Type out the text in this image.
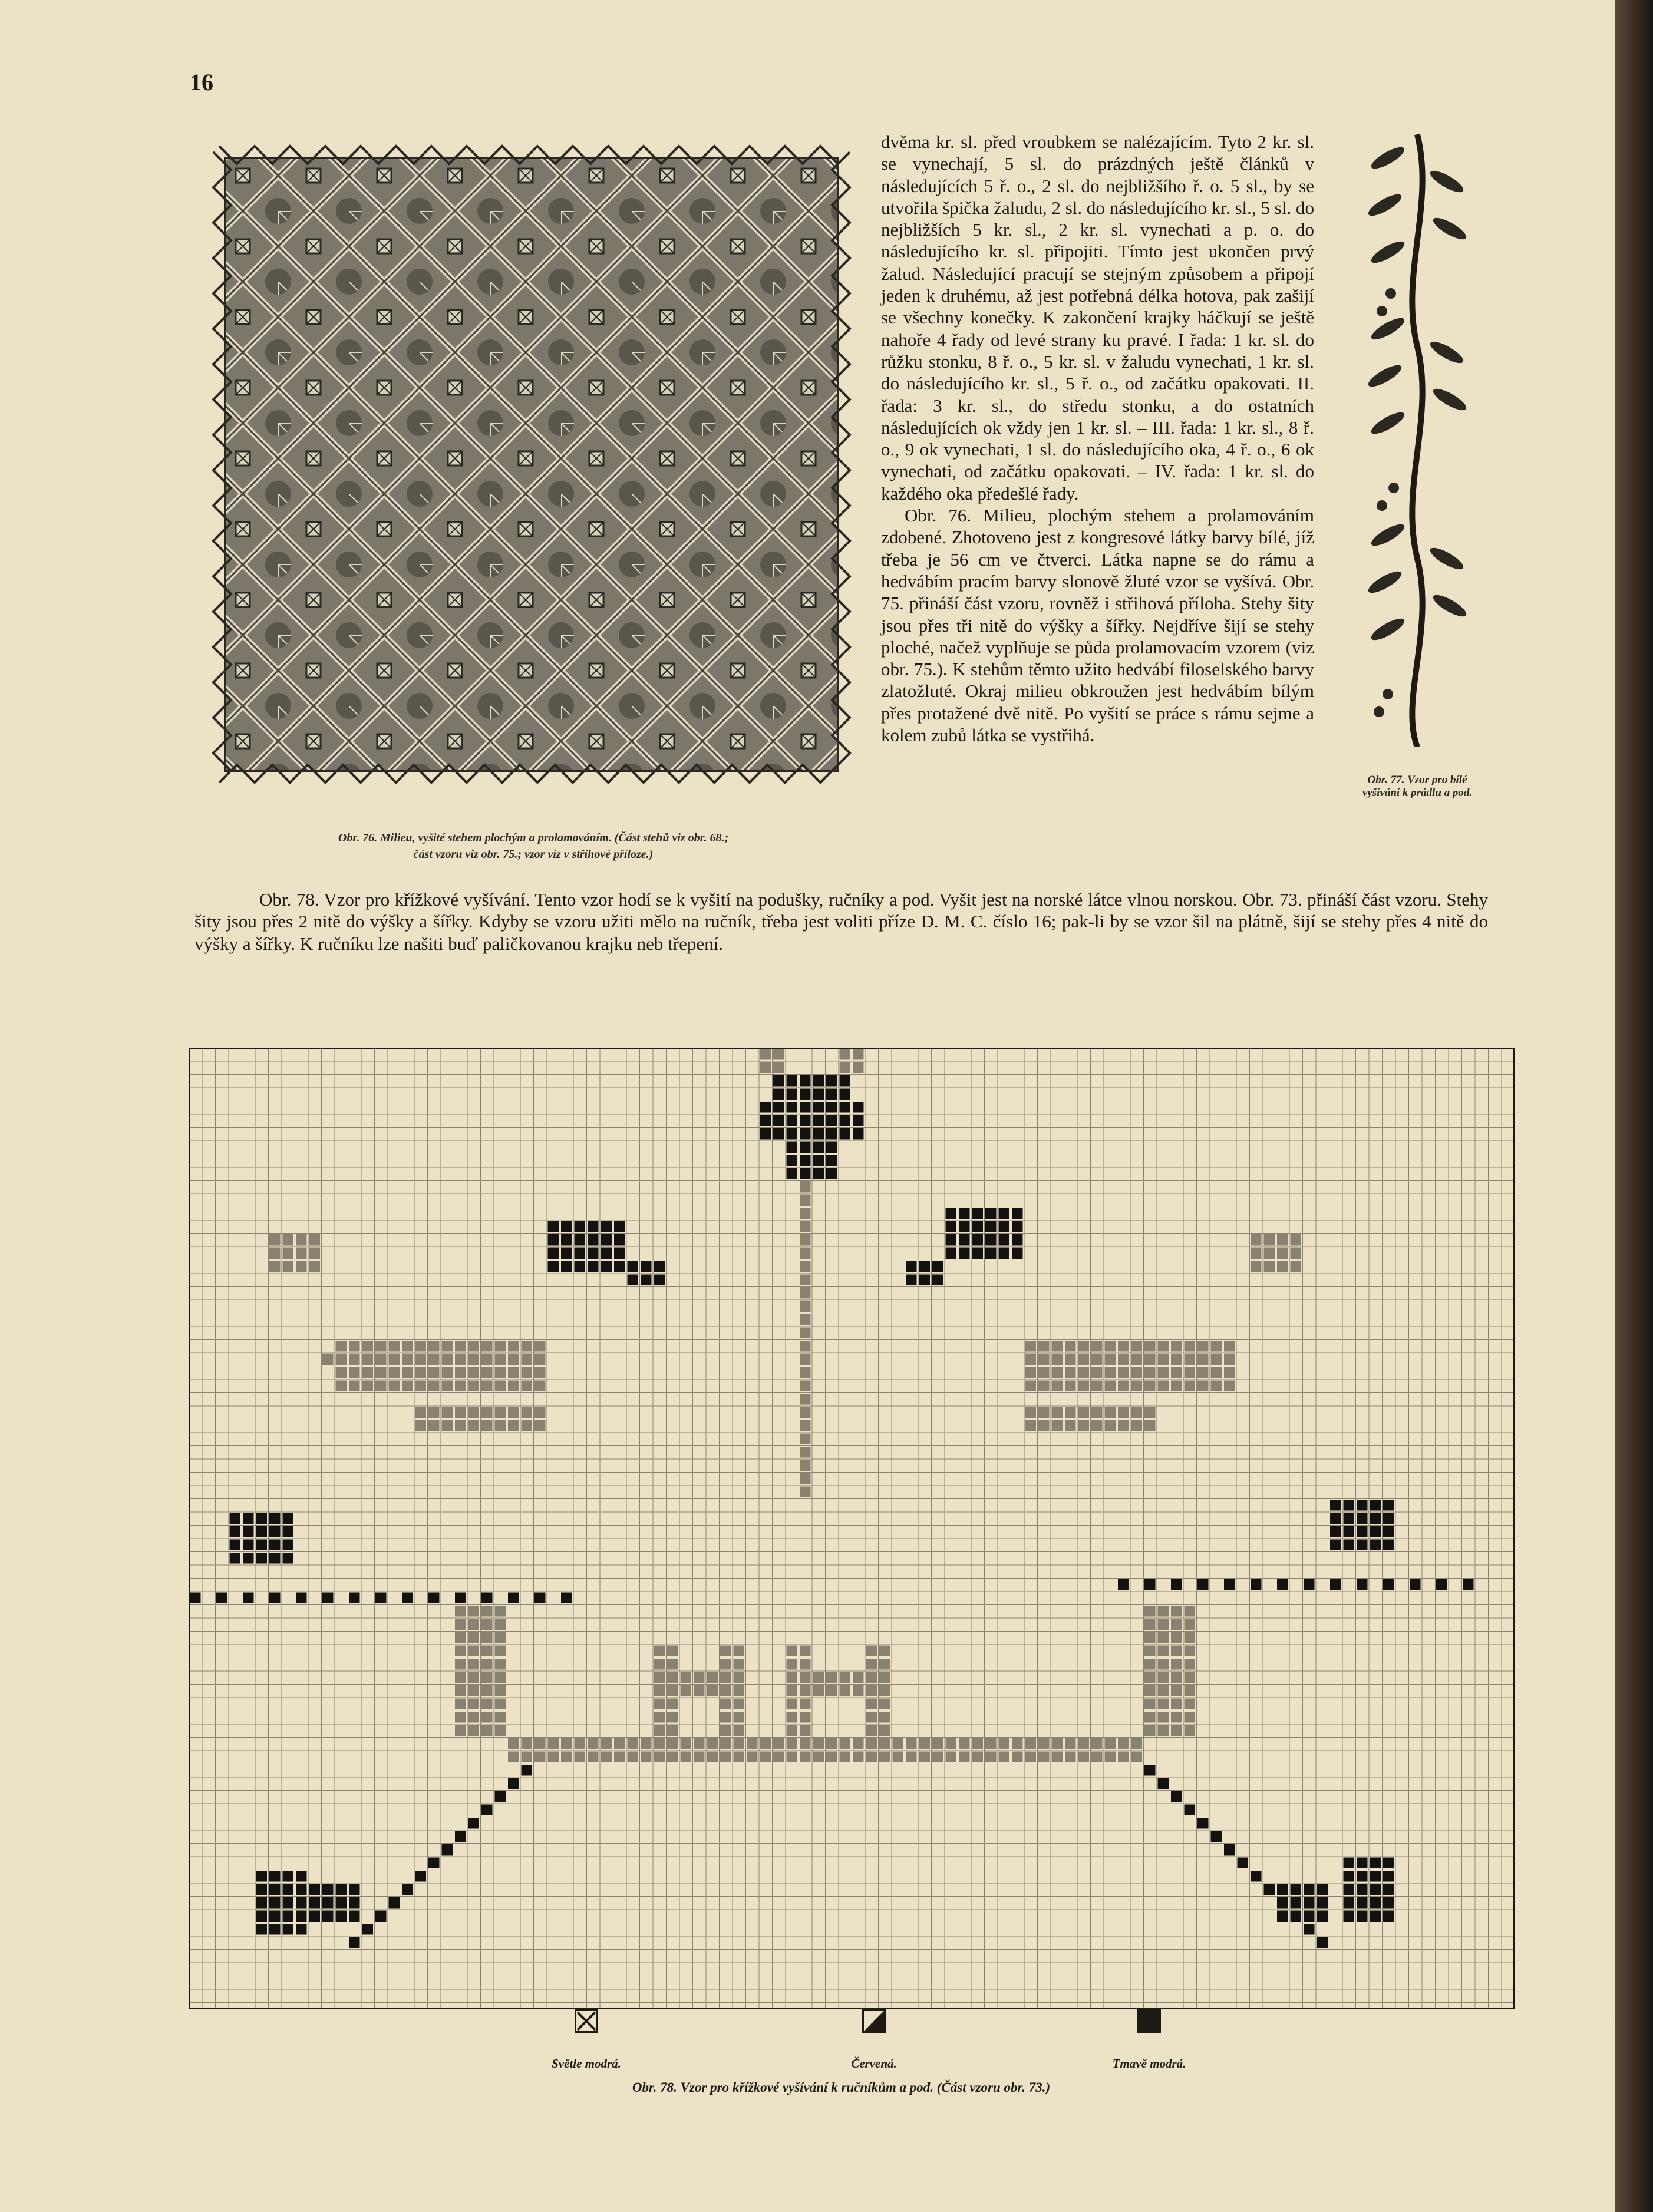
16
Obr. 76. Milieu, vyšité stehem plochým a prolamováním. (Část stehů viz obr. 68.;
část vzoru viz obr. 75.; vzor viz v střihové příloze.)

dvěma kr. sl. před vroubkem se nalézajícím. Tyto 2 kr. sl. se vynechají, 5 sl. do prázdných ještě článků v následujících 5 ř. o., 2 sl. do nejbližšího ř. o. 5 sl., by se utvořila špička žaludu, 2 sl. do následujícího kr. sl., 5 sl. do nejbližších 5 kr. sl., 2 kr. sl. vynechati a p. o. do následujícího kr. sl. připojiti. Tímto jest ukončen prvý žalud. Následující pracují se stejným způsobem a připojí jeden k druhému, až jest potřebná délka hotova, pak zašijí se všechny konečky. K zakončení krajky háčkují se ještě nahoře 4 řady od levé strany ku pravé. I řada: 1 kr. sl. do růžku stonku, 8 ř. o., 5 kr. sl. v žaludu vynechati, 1 kr. sl. do následujícího kr. sl., 5 ř. o., od začátku opakovati. II. řada: 3 kr. sl., do středu stonku, a do ostatních následujících ok vždy jen 1 kr. sl. – III. řada: 1 kr. sl., 8 ř. o., 9 ok vynechati, 1 sl. do následujícího oka, 4 ř. o., 6 ok vynechati, od začátku opakovati. – IV. řada: 1 kr. sl. do každého oka předešlé řady.

Obr. 76. Milieu, plochým stehem a prolamováním zdobené. Zhotoveno jest z kongresové látky barvy bílé, jíž třeba je 56 cm ve čtverci. Látka napne se do rámu a hedvábím pracím barvy slonově žluté vzor se vyšívá. Obr. 75. přináší část vzoru, rovněž i střihová příloha. Stehy šity jsou přes tři nitě do výšky a šířky. Nejdříve šijí se stehy ploché, načež vyplňuje se půda prolamovacím vzorem (viz obr. 75.). K stehům těmto užito hedvábí filoselského barvy zlatožluté. Okraj milieu obkroužen jest hedvábím bílým přes protažené dvě nitě. Po vyšití se práce s rámu sejme a kolem zubů látka se vystřihá.

Obr. 77. Vzor pro bílé vyšívání k prádlu a pod.
Obr. 78. Vzor pro křížkové vyšívání. Tento vzor hodí se k vyšití na podušky, ručníky a pod. Vyšit jest na norské látce vlnou norskou. Obr. 73. přináší část vzoru. Stehy šity jsou přes 2 nitě do výšky a šířky. Kdyby se vzoru užiti mělo na ručník, třeba jest voliti příze D. M. C. číslo 16; pak-li by se vzor šil na plátně, šijí se stehy přes 4 nitě do výšky a šířky. K ručníku lze našiti buď paličkovanou krajku neb třepení.
Světle modrá.	Červená.	Tmavě modrá.
Obr. 78. Vzor pro křížkové vyšívání k ručníkům a pod. (Část vzoru obr. 73.)
